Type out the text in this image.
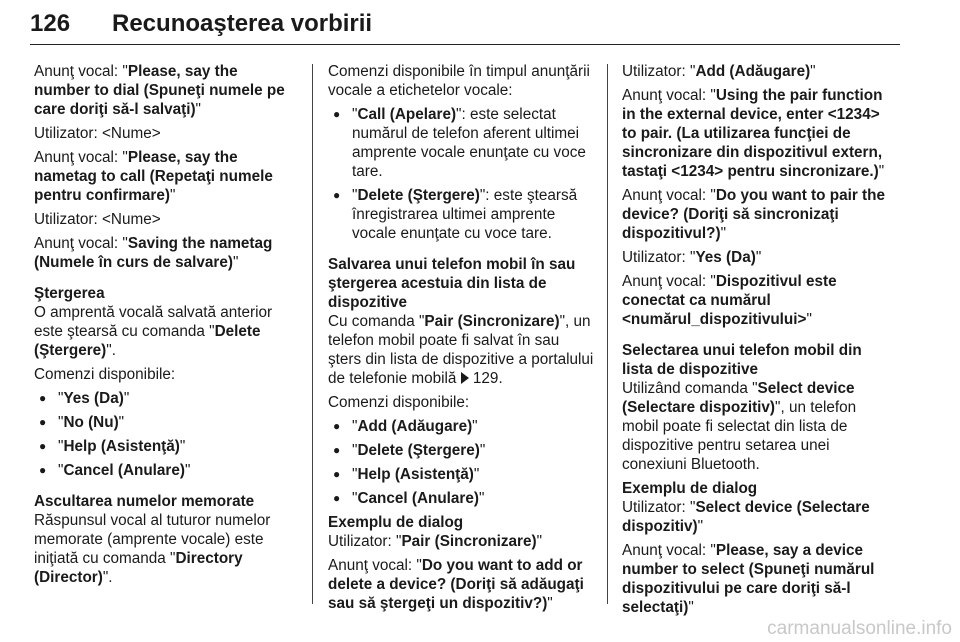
126 Recunoaşterea vorbirii

Anunţ vocal: "Please, say the number to dial (Spuneţi numele pe care doriţi să-l salvaţi)"

Utilizator: <Nume>

Anunţ vocal: "Please, say the nametag to call (Repetaţi numele pentru confirmare)"

Utilizator: <Nume>

Anunţ vocal: "Saving the nametag (Numele în curs de salvare)"

Ştergerea

O amprentă vocală salvată anterior este ştearsă cu comanda "Delete (Ştergere)".

Comenzi disponibile:

● "Yes (Da)"
● "No (Nu)"
● "Help (Asistenţă)"
● "Cancel (Anulare)"
Ascultarea numelor memorate

Răspunsul vocal al tuturor numelor memorate (amprente vocale) este iniţiată cu comanda "Directory (Director)".

Comenzi disponibile în timpul anunţării vocale a etichetelor vocale:

● "Call (Apelare)": este selectat numărul de telefon aferent ultimei amprente vocale enunţate cu voce tare.
● "Delete (Ştergere)": este ştearsă înregistrarea ultimei amprente vocale enunţate cu voce tare.
Salvarea unui telefon mobil în sau ştergerea acestuia din lista de dispozitive

Cu comanda "Pair (Sincronizare)", un telefon mobil poate fi salvat în sau şters din lista de dispozitive a portalului de telefonie mobilă 129.

Comenzi disponibile:

● "Add (Adăugare)"
● "Delete (Ştergere)"
● "Help (Asistenţă)"
● "Cancel (Anulare)"
Exemplu de dialog

Utilizator: "Pair (Sincronizare)"

Anunţ vocal: "Do you want to add or delete a device? (Doriţi să adăugaţi sau să ştergeţi un dispozitiv?)"

Utilizator: "Add (Adăugare)"

Anunţ vocal: "Using the pair function in the external device, enter <1234> to pair. (La utilizarea funcţiei de sincronizare din dispozitivul extern, tastaţi <1234> pentru sincronizare.)"

Anunţ vocal: "Do you want to pair the device? (Doriţi să sincronizaţi dispozitivul?)"

Utilizator: "Yes (Da)"

Anunţ vocal: "Dispozitivul este conectat ca numărul <numărul_dispozitivului>"

Selectarea unui telefon mobil din lista de dispozitive

Utilizând comanda "Select device (Selectare dispozitiv)", un telefon mobil poate fi selectat din lista de dispozitive pentru setarea unei conexiuni Bluetooth.

Exemplu de dialog

Utilizator: "Select device (Selectare dispozitiv)"

Anunţ vocal: "Please, say a device number to select (Spuneţi numărul dispozitivului pe care doriţi să-l selectaţi)"

carmanualsonline.info
